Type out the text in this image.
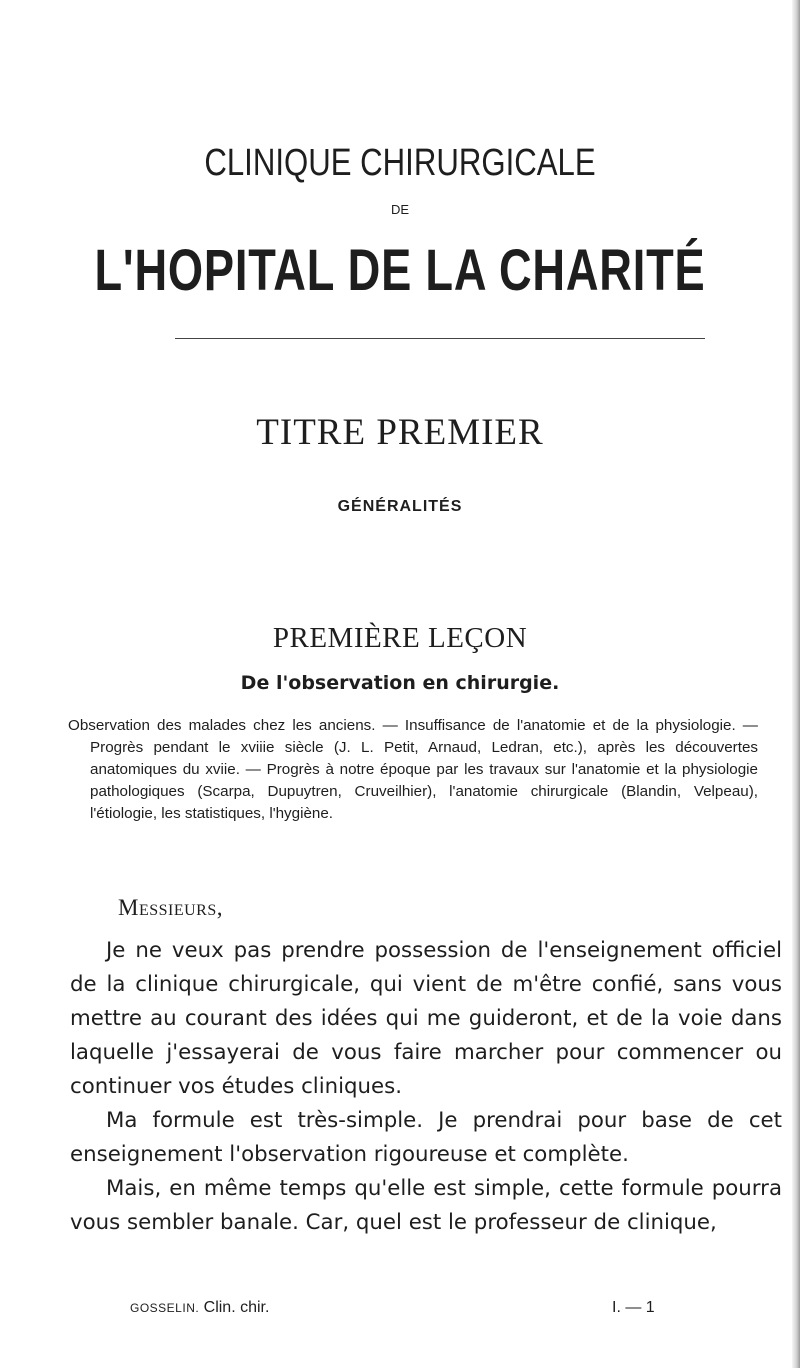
CLINIQUE CHIRURGICALE
DE
L'HOPITAL DE LA CHARITÉ
TITRE PREMIER
GÉNÉRALITÉS
PREMIÈRE LEÇON
De l'observation en chirurgie.
Observation des malades chez les anciens. — Insuffisance de l'anatomie et de la physiologie. — Progrès pendant le xviiie siècle (J. L. Petit, Arnaud, Ledran, etc.), après les découvertes anatomiques du xviie. — Progrès à notre époque par les travaux sur l'anatomie et la physiologie pathologiques (Scarpa, Dupuytren, Cruveilhier), l'anatomie chirurgicale (Blandin, Velpeau), l'étiologie, les statistiques, l'hygiène.
Messieurs,

Je ne veux pas prendre possession de l'enseignement officiel de la clinique chirurgicale, qui vient de m'être confié, sans vous mettre au courant des idées qui me guideront, et de la voie dans laquelle j'essayerai de vous faire marcher pour commencer ou continuer vos études cliniques.

Ma formule est très-simple. Je prendrai pour base de cet enseignement l'observation rigoureuse et complète.

Mais, en même temps qu'elle est simple, cette formule pourra vous sembler banale. Car, quel est le professeur de clinique,

GOSSELIN. Clin. chir.	I. — 1
